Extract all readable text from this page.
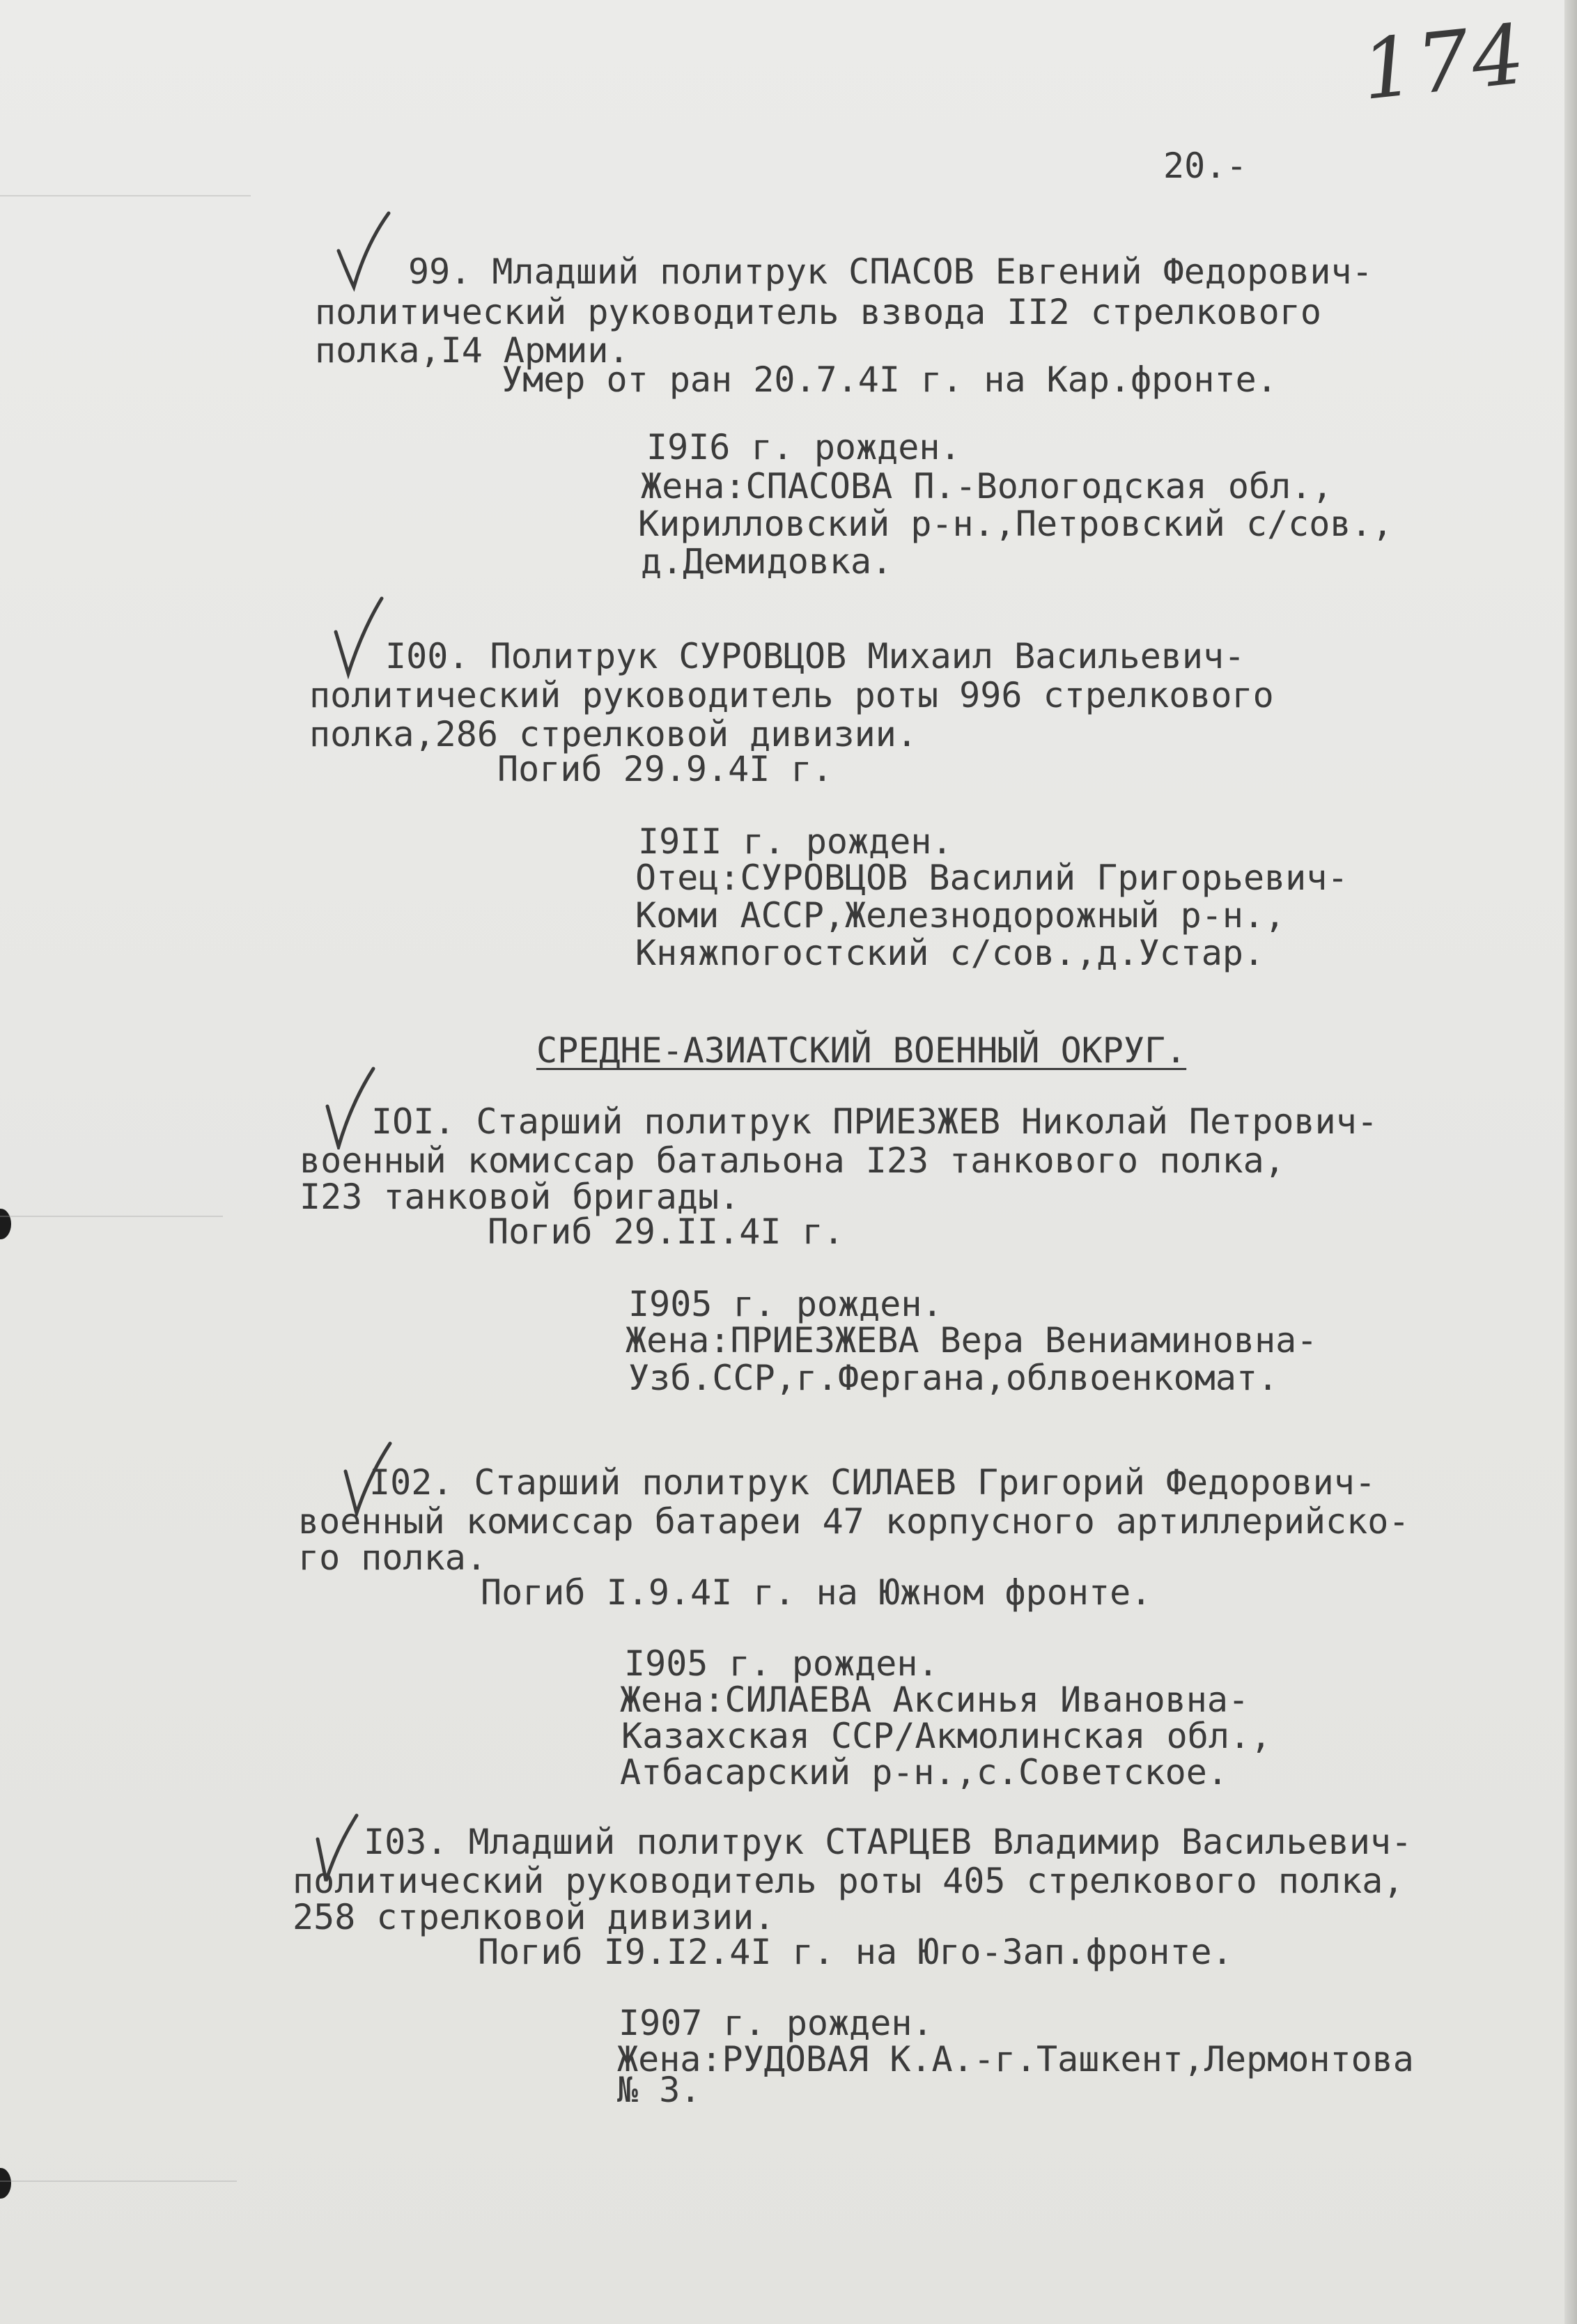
174
20.-
99. Младший политрук СПАСОВ Евгений Федорович-
политический руководитель взвода II2 стрелкового
полка,I4 Армии.
Умер от ран 20.7.4I г. на Кар.фронте.
I9I6 г. рожден.
Жена:СПАСОВА П.-Вологодская обл.,
Кирилловский р-н.,Петровский с/сов.,
д.Демидовка.
I00. Политрук СУРОВЦОВ Михаил Васильевич-
политический руководитель роты 996 стрелкового
полка,286 стрелковой дивизии.
Погиб 29.9.4I г.
I9II г. рожден.
Отец:СУРОВЦОВ Василий Григорьевич-
Коми АССР,Железнодорожный р-н.,
Княжпогостский с/сов.,д.Устар.
СРЕДНЕ-АЗИАТСКИЙ ВОЕННЫЙ ОКРУГ.
IOI. Старший политрук ПРИЕЗЖЕВ Николай Петрович-
военный комиссар батальона I23 танкового полка,
I23 танковой бригады.
Погиб 29.II.4I г.
I905 г. рожден.
Жена:ПРИЕЗЖЕВА Вера Вениаминовна-
Узб.ССР,г.Фергана,облвоенкомат.
I02. Старший политрук СИЛАЕВ Григорий Федорович-
военный комиссар батареи 47 корпусного артиллерийско-
го полка.
Погиб I.9.4I г. на Южном фронте.
I905 г. рожден.
Жена:СИЛАЕВА Аксинья Ивановна-
Казахская ССР/Акмолинская обл.,
Атбасарский р-н.,с.Советское.
I03. Младший политрук СТАРЦЕВ Владимир Васильевич-
политический руководитель роты 405 стрелкового полка,
258 стрелковой дивизии.
Погиб I9.I2.4I г. на Юго-Зап.фронте.
I907 г. рожден.
Жена:РУДОВАЯ К.А.-г.Ташкент,Лермонтова
№ 3.
